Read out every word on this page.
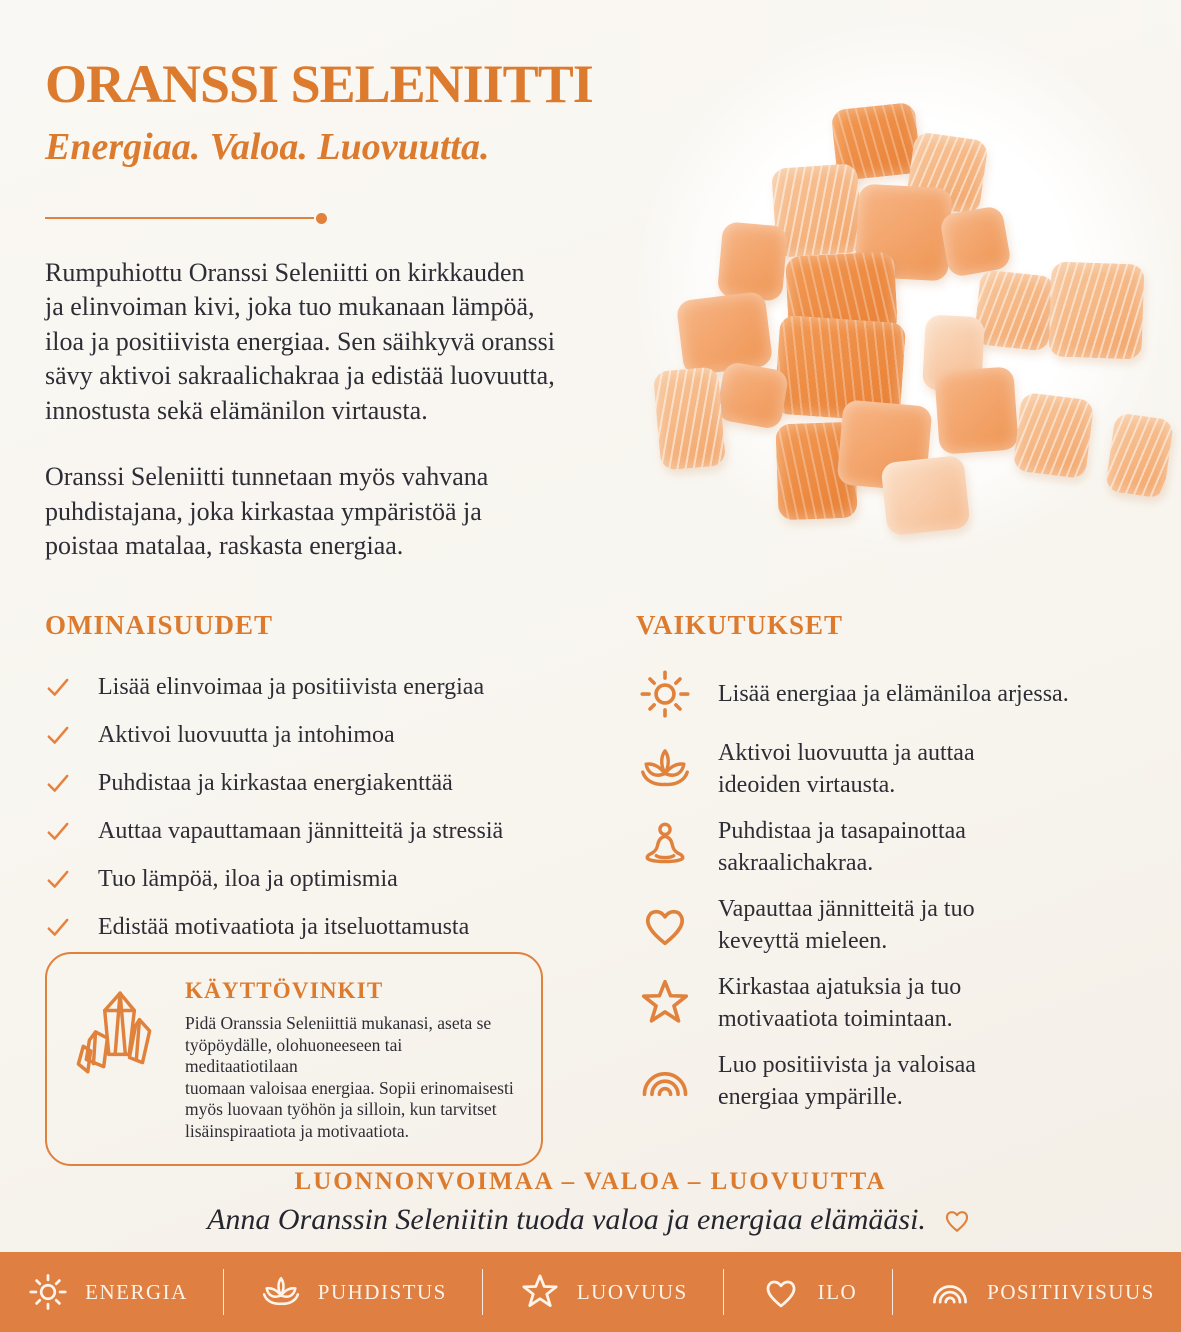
ORANSSI SELENIITTI
Energiaa. Valoa. Luovuutta.

Rumpuhiottu Oranssi Seleniitti on kirkkauden
ja elinvoiman kivi, joka tuo mukanaan lämpöä,
iloa ja positiivista energiaa. Sen säihkyvä oranssi
sävy aktivoi sakraalichakraa ja edistää luovuutta,
innostusta sekä elämänilon virtausta.

Oranssi Seleniitti tunnetaan myös vahvana
puhdistajana, joka kirkastaa ympäristöä ja
poistaa matalaa, raskasta energiaa.

OMINAISUUDET
Lisää elinvoimaa ja positiivista energiaa
Aktivoi luovuutta ja intohimoa
Puhdistaa ja kirkastaa energiakenttää
Auttaa vapauttamaan jännitteitä ja stressiä
Tuo lämpöä, iloa ja optimismia
Edistää motivaatiota ja itseluottamusta
VAIKUTUKSET
Lisää energiaa ja elämäniloa arjessa.
Aktivoi luovuutta ja auttaa
ideoiden virtausta.
Puhdistaa ja tasapainottaa
sakraalichakraa.
Vapauttaa jännitteitä ja tuo
keveyttä mieleen.
Kirkastaa ajatuksia ja tuo
motivaatiota toimintaan.
Luo positiivista ja valoisaa
energiaa ympärille.
KÄYTTÖVINKIT

Pidä Oranssia Seleniittiä mukanasi, aseta se
työpöydälle, olohuoneeseen tai meditaatiotilaan
tuomaan valoisaa energiaa. Sopii erinomaisesti
myös luovaan työhön ja silloin, kun tarvitset
lisäinspiraatiota ja motivaatiota.

LUONNONVOIMAA – VALOA – LUOVUUTTA
Anna Oranssin Seleniitin tuoda valoa ja energiaa elämääsi.
ENERGIA	PUHDISTUS	LUOVUUS	ILO	POSITIIVISUUS
